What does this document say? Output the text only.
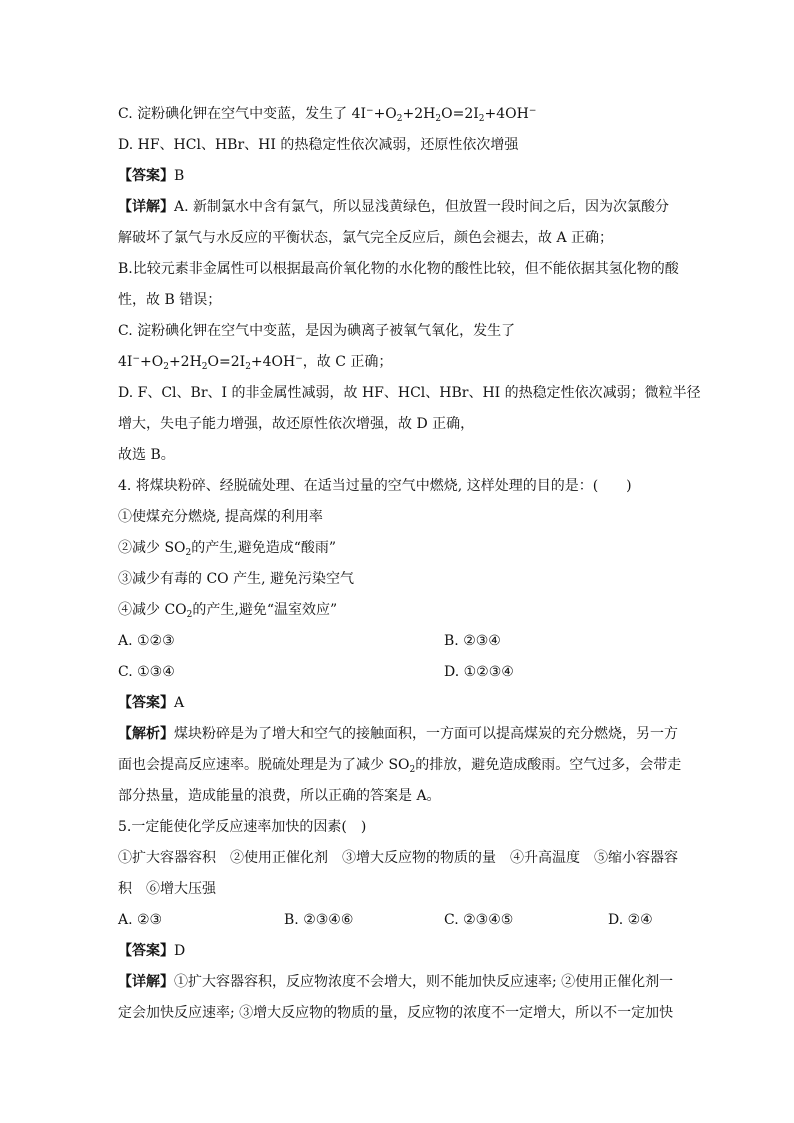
C. 淀粉碘化钾在空气中变蓝，发生了 $4I^-+O_2+2H_2O=2I_2+4OH^-$
D. HF、HCl、HBr、HI 的热稳定性依次减弱，还原性依次增强
【答案】B
【详解】A. 新制氯水中含有氯气，所以显浅黄绿色，但放置一段时间之后，因为次氯酸分
解破坏了氯气与水反应的平衡状态，氯气完全反应后，颜色会褪去，故 A 正确；
B.比较元素非金属性可以根据最高价氧化物的水化物的酸性比较，但不能依据其氢化物的酸
性，故 B 错误；
C. 淀粉碘化钾在空气中变蓝，是因为碘离子被氧气氧化，发生了
$4I^-+O_2+2H_2O=2I_2+4OH^-$，故 C 正确；
D. F、Cl、Br、I 的非金属性减弱，故 HF、HCl、HBr、HI 的热稳定性依次减弱；微粒半径
增大，失电子能力增强，故还原性依次增强，故 D 正确，
故选 B。
4. 将煤块粉碎、经脱硫处理、在适当过量的空气中燃烧, 这样处理的目的是：(　　)
①使煤充分燃烧, 提高煤的利用率
②减少 $SO_2$的产生,避免造成“酸雨”
③减少有毒的 CO 产生, 避免污染空气
④减少 $CO_2$的产生,避免“温室效应”
A. ①②③	B. ②③④
C. ①③④	D. ①②③④
【答案】A
【解析】煤块粉碎是为了增大和空气的接触面积，一方面可以提高煤炭的充分燃烧，另一方
面也会提高反应速率。脱硫处理是为了减少 $SO_2$的排放，避免造成酸雨。空气过多，会带走
部分热量，造成能量的浪费，所以正确的答案是 A。
5.一定能使化学反应速率加快的因素(　)
①扩大容器容积　②使用正催化剂　③增大反应物的物质的量　④升高温度　⑤缩小容器容
积　⑥增大压强
A. ②③	B. ②③④⑥	C. ②③④⑤	D. ②④
【答案】D
【详解】①扩大容器容积，反应物浓度不会增大，则不能加快反应速率; ②使用正催化剂一
定会加快反应速率; ③增大反应物的物质的量，反应物的浓度不一定增大，所以不一定加快
